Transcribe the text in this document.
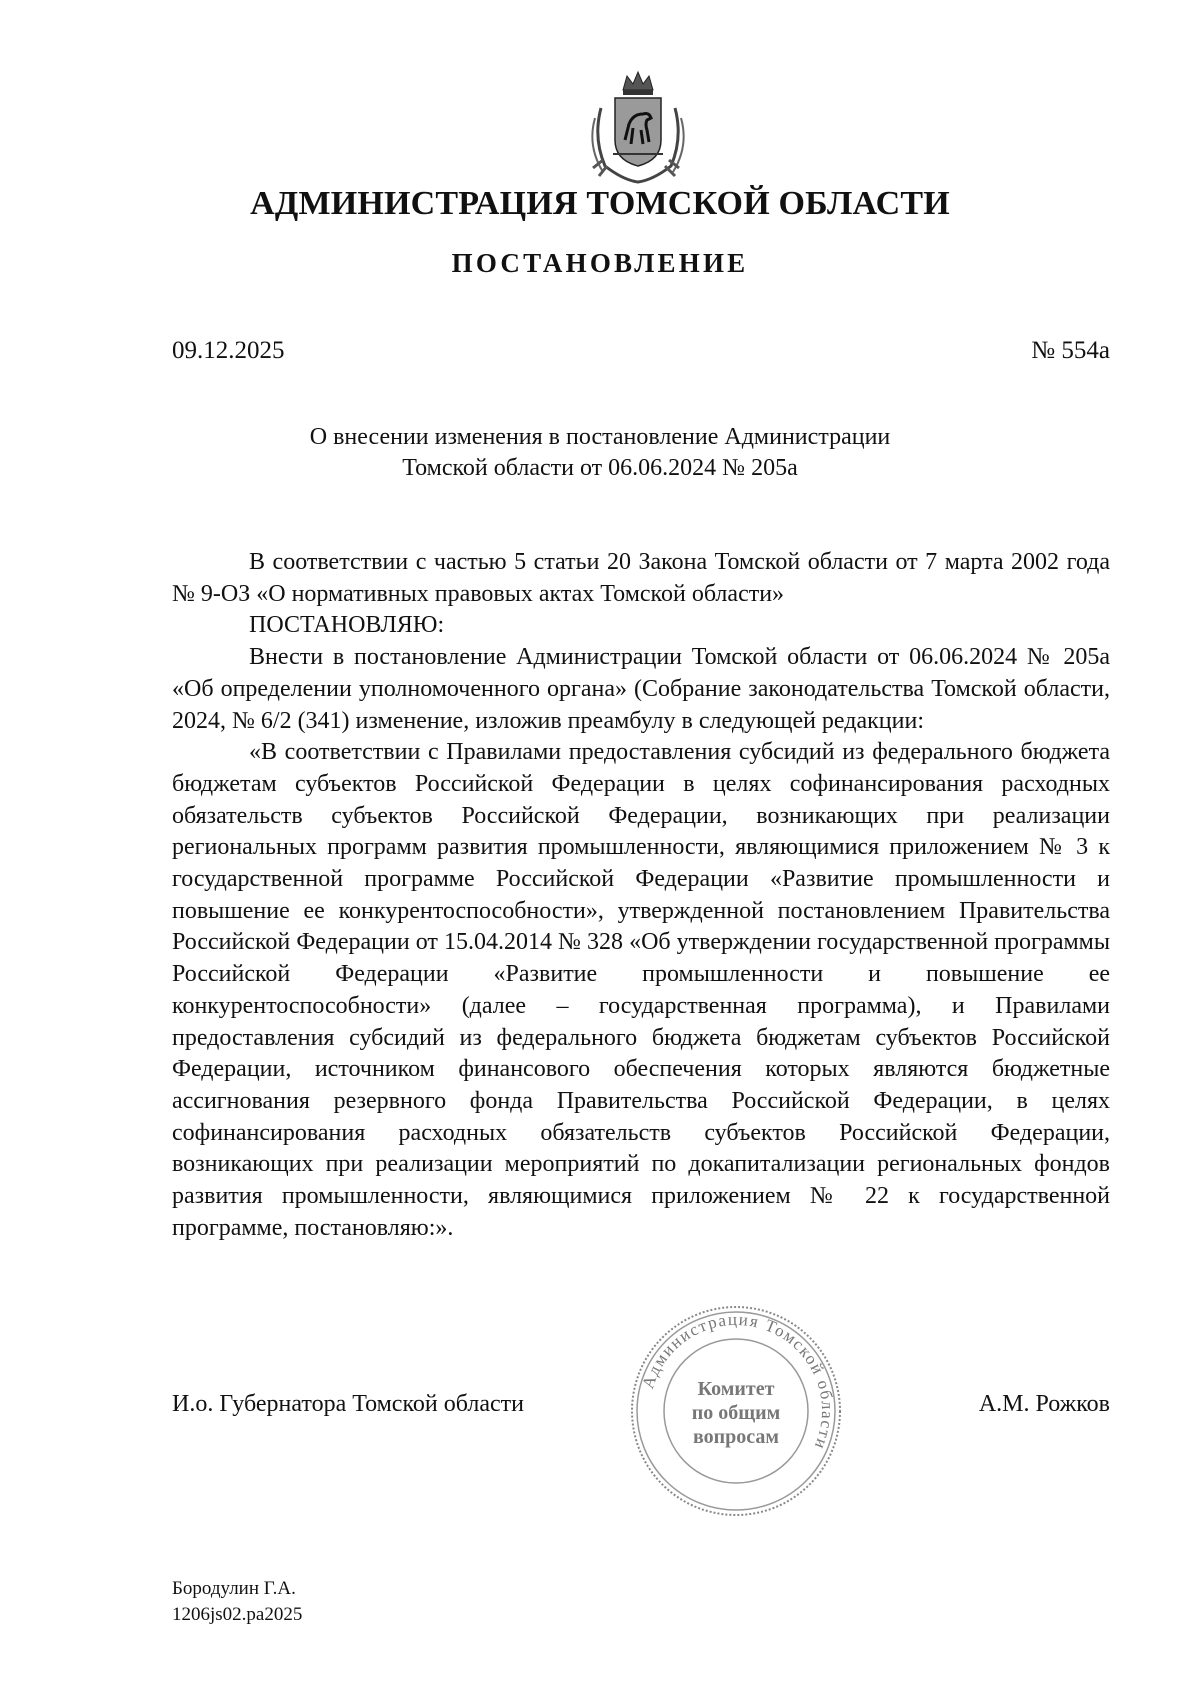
АДМИНИСТРАЦИЯ ТОМСКОЙ ОБЛАСТИ
ПОСТАНОВЛЕНИЕ
09.12.2025	№ 554а
О внесении изменения в постановление Администрации
Томской области от 06.06.2024 № 205а

В соответствии с частью 5 статьи 20 Закона Томской области от 7 марта 2002 года № 9-ОЗ «О нормативных правовых актах Томской области»

ПОСТАНОВЛЯЮ:

Внести в постановление Администрации Томской области от 06.06.2024 № 205а «Об определении уполномоченного органа» (Собрание законодательства Томской области, 2024, № 6/2 (341) изменение, изложив преамбулу в следующей редакции:

«В соответствии с Правилами предоставления субсидий из федерального бюджета бюджетам субъектов Российской Федерации в целях софинансирования расходных обязательств субъектов Российской Федерации, возникающих при реализации региональных программ развития промышленности, являющимися приложением № 3 к государственной программе Российской Федерации «Развитие промышленности и повышение ее конкурентоспособности», утвержденной постановлением Правительства Российской Федерации от 15.04.2014 № 328 «Об утверждении государственной программы Российской Федерации «Развитие промышленности и повышение ее конкурентоспособности» (далее – государственная программа), и Правилами предоставления субсидий из федерального бюджета бюджетам субъектов Российской Федерации, источником финансового обеспечения которых являются бюджетные ассигнования резервного фонда Правительства Российской Федерации, в целях софинансирования расходных обязательств субъектов Российской Федерации, возникающих при реализации мероприятий по докапитализации региональных фондов развития промышленности, являющимися приложением № 22 к государственной программе, постановляю:».

И.о. Губернатора Томской области
Администрация Томской области
Комитет
по общим
вопросам
А.М. Рожков
Бородулин Г.А.
1206js02.ра2025
